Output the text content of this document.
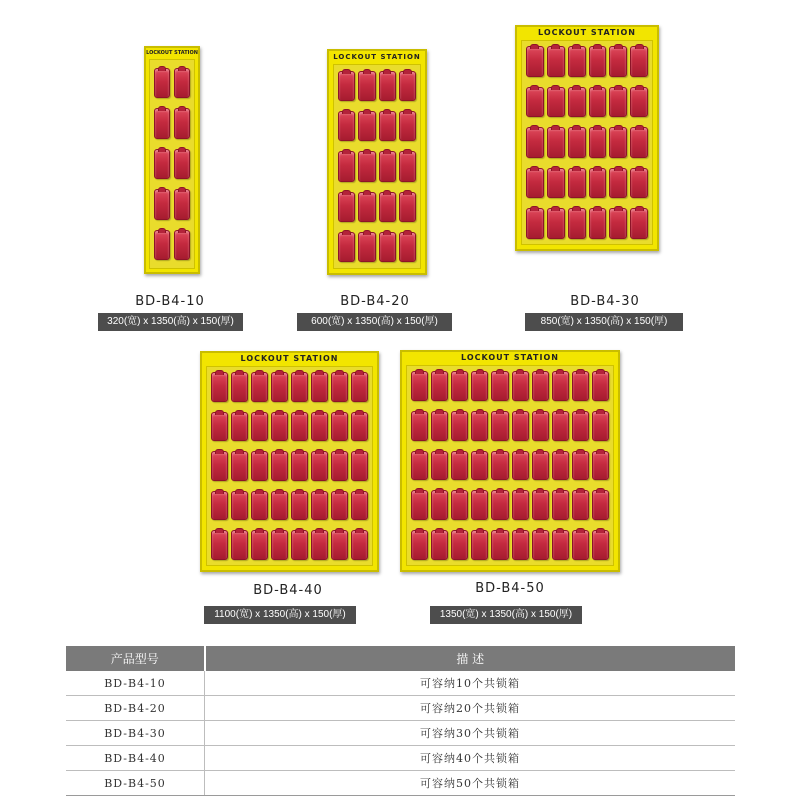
LOCKOUT STATION
BD-B4-10
320(宽) x 1350(高) x 150(厚)
LOCKOUT STATION
BD-B4-20
600(宽) x 1350(高) x 150(厚)
LOCKOUT STATION
BD-B4-30
850(宽) x 1350(高) x 150(厚)
LOCKOUT STATION
BD-B4-40
1100(宽) x 1350(高) x 150(厚)
LOCKOUT STATION
BD-B4-50
1350(宽) x 1350(高) x 150(厚)
产品型号	描 述
BD-B4-10	可容纳10个共锁箱
BD-B4-20	可容纳20个共锁箱
BD-B4-30	可容纳30个共锁箱
BD-B4-40	可容纳40个共锁箱
BD-B4-50	可容纳50个共锁箱
